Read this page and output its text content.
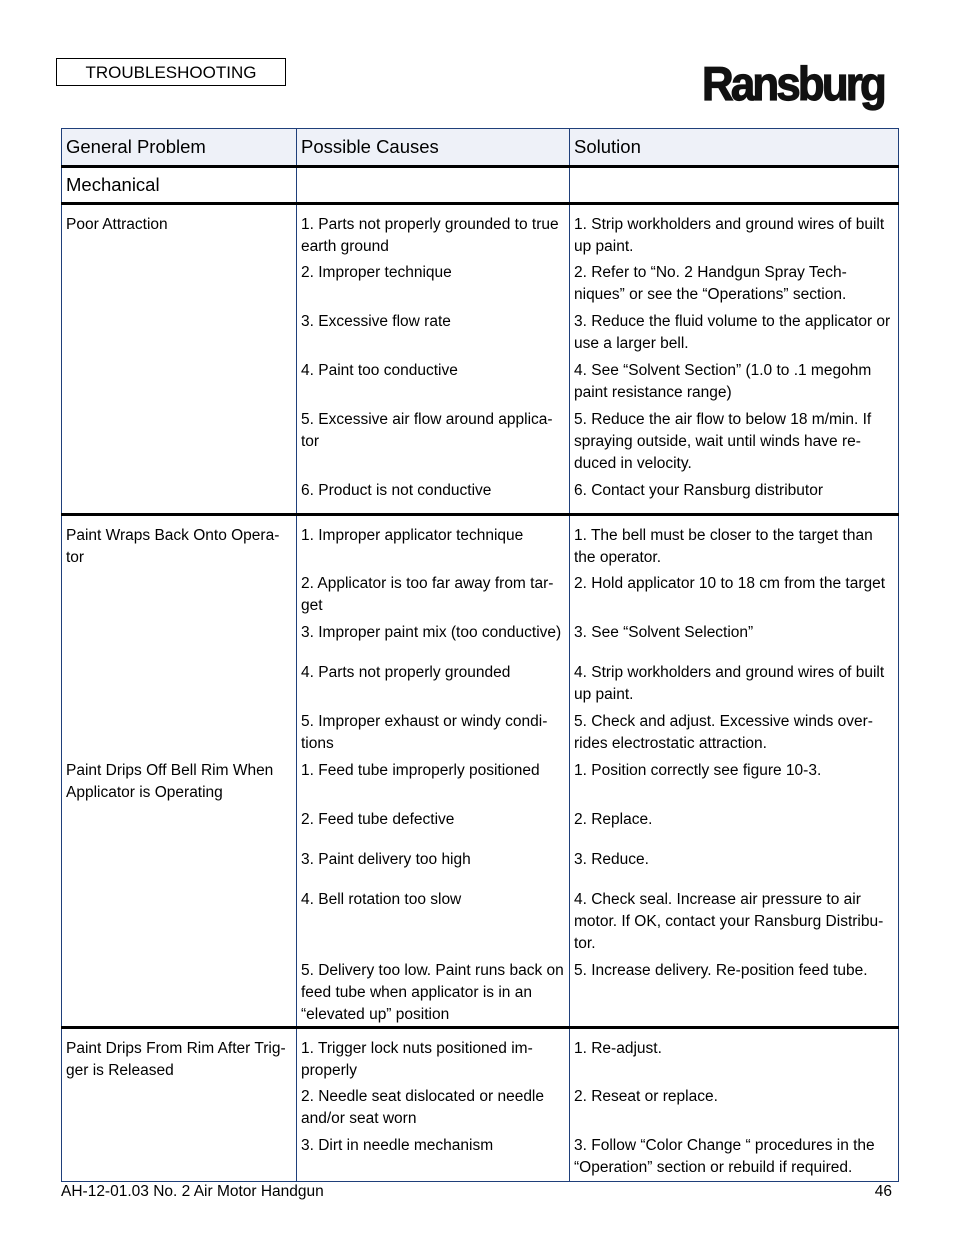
TROUBLESHOOTING	Ransburg
General Problem	Possible Causes	Solution
Mechanical		
Poor Attraction	1. Parts not properly grounded to true earth ground	1. Strip workholders and ground wires of built up paint.
	2. Improper technique	2. Refer to “No. 2 Handgun Spray Tech-niques” or see the “Operations” section.
	3. Excessive flow rate	3. Reduce the fluid volume to the applicator or use a larger bell.
	4. Paint too conductive	4. See “Solvent Section” (1.0 to .1 megohm paint resistance range)
	5. Excessive air flow around applica-tor	5. Reduce the air flow to below 18 m/min. If spraying outside, wait until winds have re-duced in velocity.
	6. Product is not conductive	6. Contact your Ransburg distributor
Paint Wraps Back Onto Opera-tor	1. Improper applicator technique	1. The bell must be closer to the target than the operator.
	2. Applicator is too far away from tar-get	2. Hold applicator 10 to 18 cm from the target
	3. Improper paint mix (too conductive)	3. See “Solvent Selection”
	4. Parts not properly grounded	4. Strip workholders and ground wires of built up paint.
	5. Improper exhaust or windy condi-tions	5. Check and adjust. Excessive winds over-rides electrostatic attraction.
Paint Drips Off Bell Rim When Applicator is Operating	1. Feed tube improperly positioned	1. Position correctly see figure 10-3.
	2. Feed tube defective	2. Replace.
	3. Paint delivery too high	3. Reduce.
	4. Bell rotation too slow	4. Check seal. Increase air pressure to air motor. If OK, contact your Ransburg Distribu-tor.
	5. Delivery too low. Paint runs back on feed tube when applicator is in an “elevated up” position	5. Increase delivery. Re-position feed tube.
Paint Drips From Rim After Trig-ger is Released	1. Trigger lock nuts positioned im-properly	1. Re-adjust.
	2. Needle seat dislocated or needle and/or seat worn	2. Reseat or replace.
	3. Dirt in needle mechanism	3. Follow “Color Change “ procedures in the “Operation” section or rebuild if required.
AH-12-01.03 No. 2 Air Motor Handgun	46
